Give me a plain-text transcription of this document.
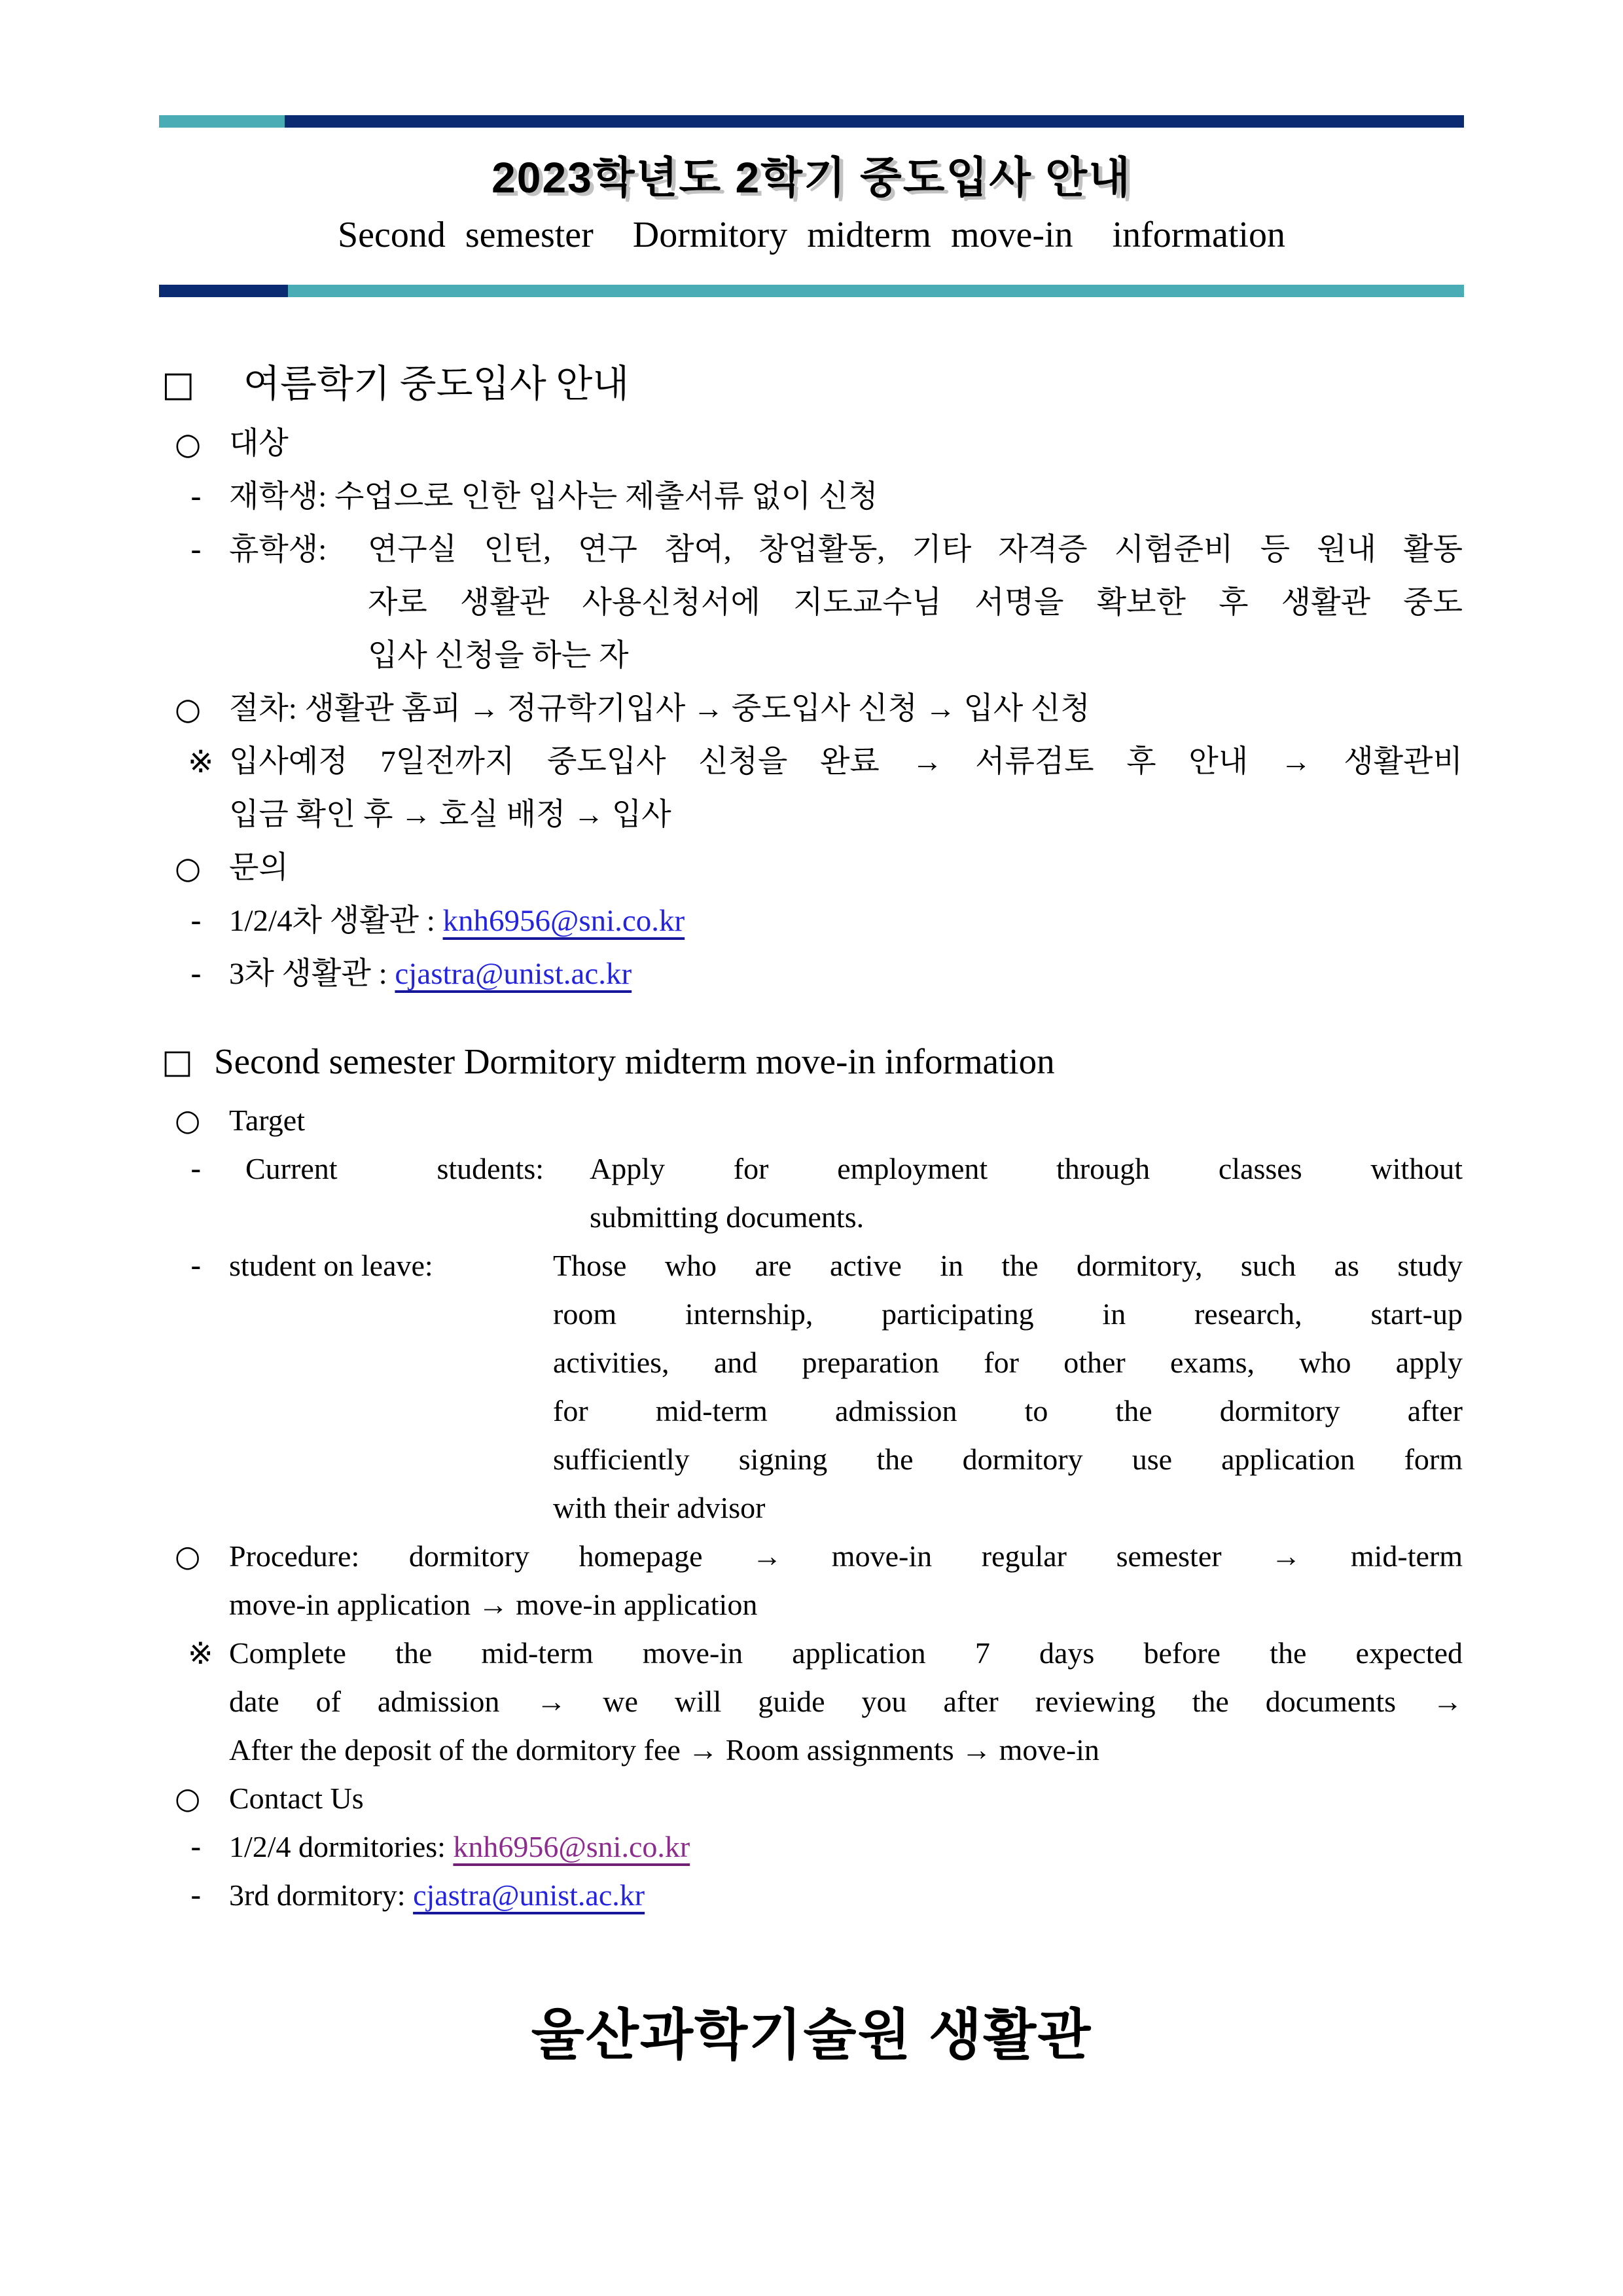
2023학년도 2학기 중도입사 안내
Second semester  Dormitory midterm move-in  information
□	여름학기 중도입사 안내
○ 대상
- 재학생: 수업으로 인한 입사는 제출서류 없이 신청
- 휴학생:	연구실 인턴, 연구 참여, 창업활동, 기타 자격증 시험준비 등 원내 활동
자로 생활관 사용신청서에 지도교수님 서명을 확보한 후 생활관 중도
입사 신청을 하는 자
○ 절차: 생활관 홈피 → 정규학기입사 → 중도입사 신청 → 입사 신청
※ 입사예정 7일전까지 중도입사 신청을 완료 → 서류검토 후 안내 → 생활관비
입금 확인 후 → 호실 배정 → 입사
○ 문의
- 1/2/4차 생활관 : knh6956@sni.co.kr
- 3차 생활관 : cjastra@unist.ac.kr
□ Second semester Dormitory midterm move-in information
○ Target
-	Current students:	Apply for employment through classes without
submitting documents.
- student on leave:	Those who are active in the dormitory, such as study
room internship, participating in research, start-up
activities, and preparation for other exams, who apply
for mid-term admission to the dormitory after
sufficiently signing the dormitory use application form
with their advisor
○ Procedure: dormitory homepage → move-in regular semester → mid-term
move-in application → move-in application
※ Complete the mid-term move-in application 7 days before the expected
date of admission → we will guide you after reviewing the documents →
After the deposit of the dormitory fee → Room assignments → move-in
○ Contact Us
- 1/2/4 dormitories: knh6956@sni.co.kr
- 3rd dormitory: cjastra@unist.ac.kr
울산과학기술원 생활관
